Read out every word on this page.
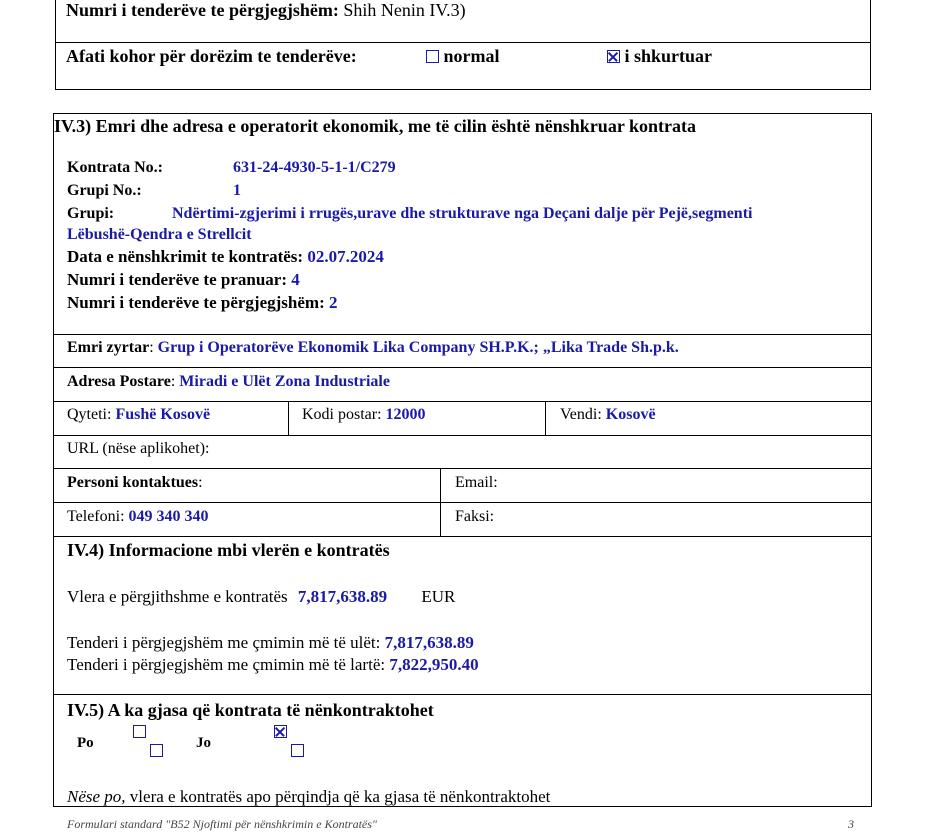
Numri i tenderëve te përgjegjshëm: Shih Nenin IV.3)
Afati kohor për dorëzim te tenderëve:	normal	i shkurtuar
IV.3) Emri dhe adresa e operatorit ekonomik, me të cilin është nënshkruar kontrata
Kontrata No.:	631-24-4930-5-1-1/C279
Grupi No.:	1
Grupi:	Ndërtimi-zgjerimi i rrugës,urave dhe strukturave nga Deçani dalje për Pejë,segmenti
Lëbushë-Qendra e Strellcit
Data e nënshkrimit te kontratës: 02.07.2024
Numri i tenderëve te pranuar: 4
Numri i tenderëve te përgjegjshëm: 2
Emri zyrtar: Grup i Operatorëve Ekonomik Lika Company SH.P.K.; „Lika Trade Sh.p.k.
Adresa Postare: Miradi e Ulët Zona Industriale
Qyteti: Fushë Kosovë	Kodi postar: 12000	Vendi: Kosovë
URL (nëse aplikohet):
Personi kontaktues:	Email:
Telefoni: 049 340 340	Faksi:
IV.4) Informacione mbi vlerën e kontratës
Vlera e përgjithshme e kontratës 7,817,638.89 EUR
Tenderi i përgjegjshëm me çmimin më të ulët: 7,817,638.89
Tenderi i përgjegjshëm me çmimin më të lartë: 7,822,950.40
IV.5) A ka gjasa që kontrata të nënkontraktohet
Po
	Jo

Nëse po, vlera e kontratës apo përqindja që ka gjasa të nënkontraktohet
Formulari standard "B52 Njoftimi për nënshkrimin e Kontratës"	3
